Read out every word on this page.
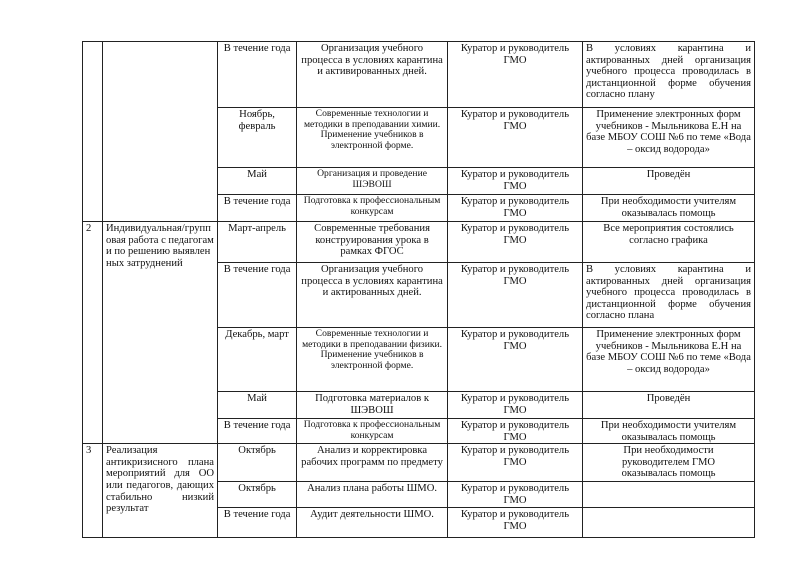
		В течение года	Организация учебного процесса в условиях карантина и активированных дней.	Куратор и руководитель ГМО	В условиях карантина и актированных дней организация учебного процесса проводилась в дистанционной форме обучения согласно плану
		Ноябрь, февраль	Современные технологии и методики в преподавании химии. Применение учебников в электронной форме.	Куратор и руководитель ГМО	Применение электронных форм учебников - Мыльникова Е.Н на базе МБОУ СОШ №6 по теме «Вода – оксид водорода»
		Май	Организация и проведение ШЭВОШ	Куратор и руководитель ГМО	Проведён
		В течение года	Подготовка к профессиональным конкурсам	Куратор и руководитель ГМО	При необходимости учителям оказывалась помощь
2	Индивидуальная/групповая работа с педагогами по решению выявленных затруднений	Март-апрель	Современные требования конструирования урока в рамках ФГОС	Куратор и руководитель ГМО	Все мероприятия состоялись согласно графика
		В течение года	Организация учебного процесса в условиях карантина и актированных дней.	Куратор и руководитель ГМО	В условиях карантина и актированных дней организация учебного процесса проводилась в дистанционной форме обучения согласно плана
		Декабрь, март	Современные технологии и методики в преподавании физики. Применение учебников в электронной форме.	Куратор и руководитель ГМО	Применение электронных форм учебников - Мыльникова Е.Н на базе МБОУ СОШ №6 по теме «Вода – оксид водорода»
		Май	Подготовка материалов к ШЭВОШ	Куратор и руководитель ГМО	Проведён
		В течение года	Подготовка к профессиональным конкурсам	Куратор и руководитель ГМО	При необходимости учителям оказывалась помощь
3	Реализация антикризисного плана мероприятий для ОО или педагогов, дающих стабильно низкий результат	Октябрь	Анализ и корректировка рабочих программ по предмету	Куратор и руководитель ГМО	При необходимости руководителем ГМО оказывалась помощь
		Октябрь	Анализ плана работы ШМО.	Куратор и руководитель ГМО	
		В течение года	Аудит деятельности ШМО.	Куратор и руководитель ГМО	
